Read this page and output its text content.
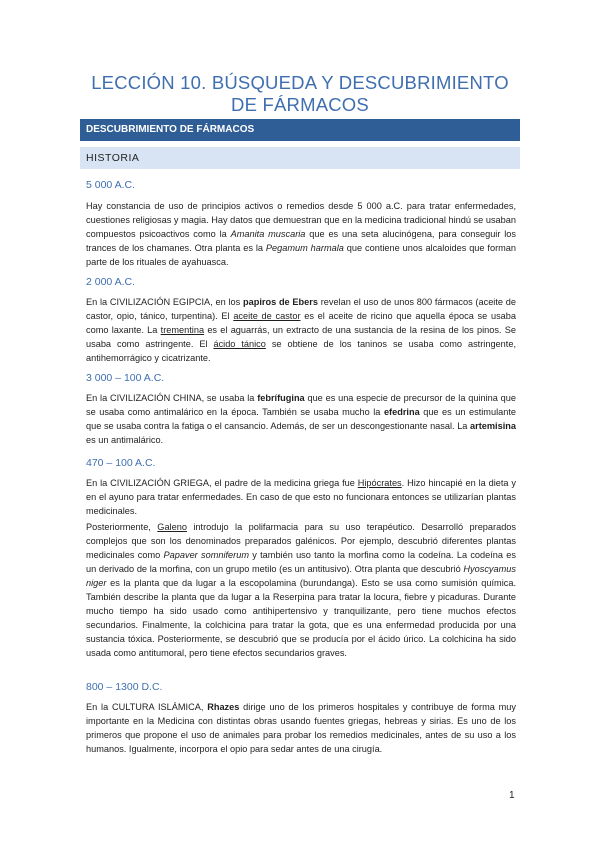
LECCIÓN 10. BÚSQUEDA Y DESCUBRIMIENTO DE FÁRMACOS
DESCUBRIMIENTO DE FÁRMACOS
HISTORIA
5 000 A.C.
Hay constancia de uso de principios activos o remedios desde 5 000 a.C. para tratar enfermedades, cuestiones religiosas y magia. Hay datos que demuestran que en la medicina tradicional hindú se usaban compuestos psicoactivos como la Amanita muscaria que es una seta alucinógena, para conseguir los trances de los chamanes. Otra planta es la Pegamum harmala que contiene unos alcaloides que forman parte de los rituales de ayahuasca.
2 000 A.C.
En la CIVILIZACIÓN EGIPCIA, en los papiros de Ebers revelan el uso de unos 800 fármacos (aceite de castor, opio, tánico, turpentina). El aceite de castor es el aceite de ricino que aquella época se usaba como laxante. La trementina es el aguarrás, un extracto de una sustancia de la resina de los pinos. Se usaba como astringente. El ácido tánico se obtiene de los taninos se usaba como astringente, antihemorrágico y cicatrizante.
3 000 – 100 A.C.
En la CIVILIZACIÓN CHINA, se usaba la febrífugina que es una especie de precursor de la quinina que se usaba como antimalárico en la época. También se usaba mucho la efedrina que es un estimulante que se usaba contra la fatiga o el cansancio. Además, de ser un descongestionante nasal. La artemisina es un antimalárico.
470 – 100 A.C.
En la CIVILIZACIÓN GRIEGA, el padre de la medicina griega fue Hipócrates. Hizo hincapié en la dieta y en el ayuno para tratar enfermedades. En caso de que esto no funcionara entonces se utilizarían plantas medicinales.
Posteriormente, Galeno introdujo la polifarmacia para su uso terapéutico. Desarrolló preparados complejos que son los denominados preparados galénicos. Por ejemplo, descubrió diferentes plantas medicinales como Papaver somniferum y también uso tanto la morfina como la codeína. La codeína es un derivado de la morfina, con un grupo metilo (es un antitusivo). Otra planta que descubrió Hyoscyamus niger es la planta que da lugar a la escopolamina (burundanga). Esto se usa como sumisión química. También describe la planta que da lugar a la Reserpina para tratar la locura, fiebre y picaduras. Durante mucho tiempo ha sido usado como antihipertensivo y tranquilizante, pero tiene muchos efectos secundarios. Finalmente, la colchicina para tratar la gota, que es una enfermedad producida por una sustancia tóxica. Posteriormente, se descubrió que se producía por el ácido úrico. La colchicina ha sido usada como antitumoral, pero tiene efectos secundarios graves.
800 – 1300 D.C.
En la CULTURA ISLÁMICA, Rhazes dirige uno de los primeros hospitales y contribuye de forma muy importante en la Medicina con distintas obras usando fuentes griegas, hebreas y sirias. Es uno de los primeros que propone el uso de animales para probar los remedios medicinales, antes de su uso a los humanos. Igualmente, incorpora el opio para sedar antes de una cirugía.
1
